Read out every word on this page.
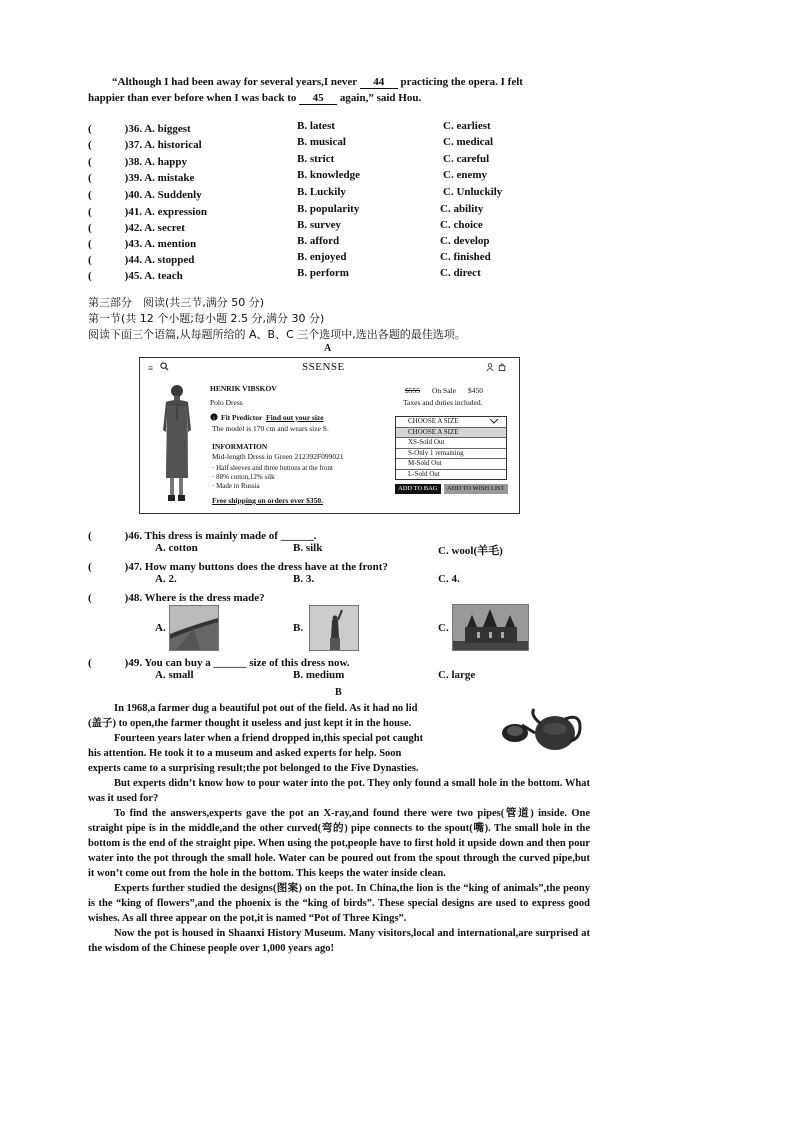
“Although I had been away for several years,I never 44 practicing the opera. I felt
happier than ever before when I was back to 45 again,” said Hou.
(　　　)36. A. biggest	B. latest	C. earliest
(　　　)37. A. historical	B. musical	C. medical
(　　　)38. A. happy	B. strict	C. careful
(　　　)39. A. mistake	B. knowledge	C. enemy
(　　　)40. A. Suddenly	B. Luckily	C. Unluckily
(　　　)41. A. expression	B. popularity	C. ability
(　　　)42. A. secret	B. survey	C. choice
(　　　)43. A. mention	B. afford	C. develop
(　　　)44. A. stopped	B. enjoyed	C. finished
(　　　)45. A. teach	B. perform	C. direct
第三部分　阅读(共三节,满分 50 分)
第一节(共 12 个小题;每小题 2.5 分,满分 30 分)
阅读下面三个语篇,从每题所给的 A、B、C 三个选项中,选出各题的最佳选项。
A
≡	SSENSE
HENRIK VIBSKOV
Polo Dress
$555 On Sale $450
Taxes and duties included.
i Fit Predictor Find out your size
The model is 170 cm and wears size S.
INFORMATION
Mid-length Dress in Green 212392F099021
· Half sleeves and three buttons at the front
· 88% cotton,12% silk
· Made in Russia
Free shipping on orders over $350.
CHOOSE A SIZE
CHOOSE A SIZE
XS-Sold Out
S-Only 1 remaining
M-Sold Out
L-Sold Out
ADD TO BAG	ADD TO WISH LIST
(　　　)46. This dress is mainly made of ______.
A. cotton	B. silk	C. wool(羊毛)
(　　　)47. How many buttons does the dress have at the front?
A. 2.	B. 3.	C. 4.
(　　　)48. Where is the dress made?
A.	B.	C.
(　　　)49. You can buy a ______ size of this dress now.
A. small	B. medium	C. large
B
In 1968,a farmer dug a beautiful pot out of the field. As it had no lid
(盖子) to open,the farmer thought it useless and just kept it in the house.
Fourteen years later when a friend dropped in,this special pot caught
his attention. He took it to a museum and asked experts for help. Soon
experts came to a surprising result;the pot belonged to the Five Dynasties.

But experts didn’t know how to pour water into the pot. They only found a small hole in the bottom. What was it used for?

To find the answers,experts gave the pot an X-ray,and found there were two pipes(管道) inside. One straight pipe is in the middle,and the other curved(弯的) pipe connects to the spout(嘴). The small hole in the bottom is the end of the straight pipe. When using the pot,people have to first hold it upside down and then pour water into the pot through the small hole. Water can be poured out from the spout through the curved pipe,but it won’t come out from the hole in the bottom. This keeps the water inside clean.

Experts further studied the designs(图案) on the pot. In China,the lion is the “king of animals”,the peony is the “king of flowers”,and the phoenix is the “king of birds”. These special designs are used to express good wishes. As all three appear on the pot,it is named “Pot of Three Kings”.

Now the pot is housed in Shaanxi History Museum. Many visitors,local and international,are surprised at the wisdom of the Chinese people over 1,000 years ago!
